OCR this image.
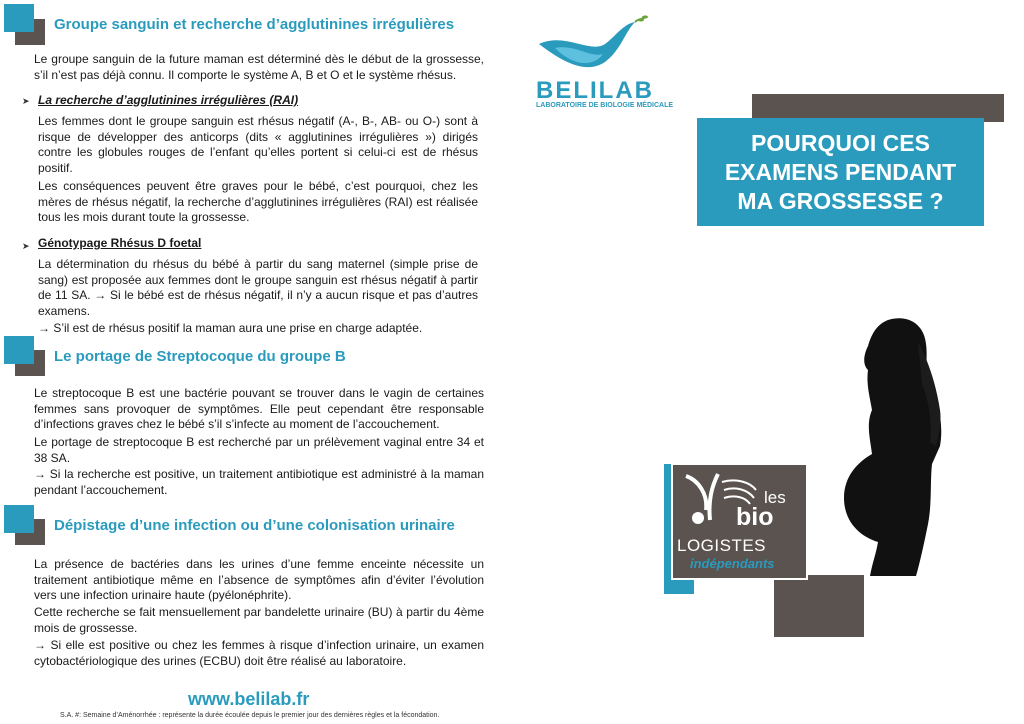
Groupe sanguin et recherche d’agglutinines irrégulières
Le groupe sanguin de la future maman est déterminé dès le début de la grossesse, s’il n’est pas déjà connu. Il comporte le système A, B et O et le système rhésus.
➤ La recherche d’agglutinines irrégulières (RAI)
Les femmes dont le groupe sanguin est rhésus négatif (A-, B-, AB- ou O-) sont à risque de développer des anticorps (dits « agglutinines irrégulières ») dirigés contre les globules rouges de l’enfant qu’elles portent si celui-ci est de rhésus positif.
Les conséquences peuvent être graves pour le bébé, c’est pourquoi, chez les mères de rhésus négatif, la recherche d’agglutinines irrégulières (RAI) est réalisée tous les mois durant toute la grossesse.
➤ Génotypage Rhésus D foetal
La détermination du rhésus du bébé à partir du sang maternel (simple prise de sang) est proposée aux femmes dont le groupe sanguin est rhésus négatif à partir de 11 SA. → Si le bébé est de rhésus négatif, il n’y a aucun risque et pas d’autres examens.
→ S’il est de rhésus positif la maman aura une prise en charge adaptée.
Le portage de Streptocoque du groupe B
Le streptocoque B est une bactérie pouvant se trouver dans le vagin de certaines femmes sans provoquer de symptômes. Elle peut cependant être responsable d’infections graves chez le bébé s’il s’infecte au moment de l’accouchement.
Le portage de streptocoque B est recherché par un prélèvement vaginal entre 34 et 38 SA.
→ Si la recherche est positive, un traitement antibiotique est administré à la maman pendant l’accouchement.
Dépistage d’une infection ou d’une colonisation urinaire
La présence de bactéries dans les urines d’une femme enceinte nécessite un traitement antibiotique même en l’absence de symptômes afin d’éviter l’évolution vers une infection urinaire haute (pyélonéphrite).
Cette recherche se fait mensuellement par bandelette urinaire (BU) à partir du 4ème mois de grossesse.
→ Si elle est positive ou chez les femmes à risque d’infection urinaire, un examen cytobactériologique des urines (ECBU) doit être réalisé au laboratoire.
www.belilab.fr
S.A. #: Semaine d’Aménorrhée : représente la durée écoulée depuis le premier jour des dernières règles et la fécondation.
BELILAB
LABORATOIRE DE BIOLOGIE MÉDICALE
POURQUOI CES
EXAMENS PENDANT
MA GROSSESSE ?
les
bio
LOGISTES
indépendants
